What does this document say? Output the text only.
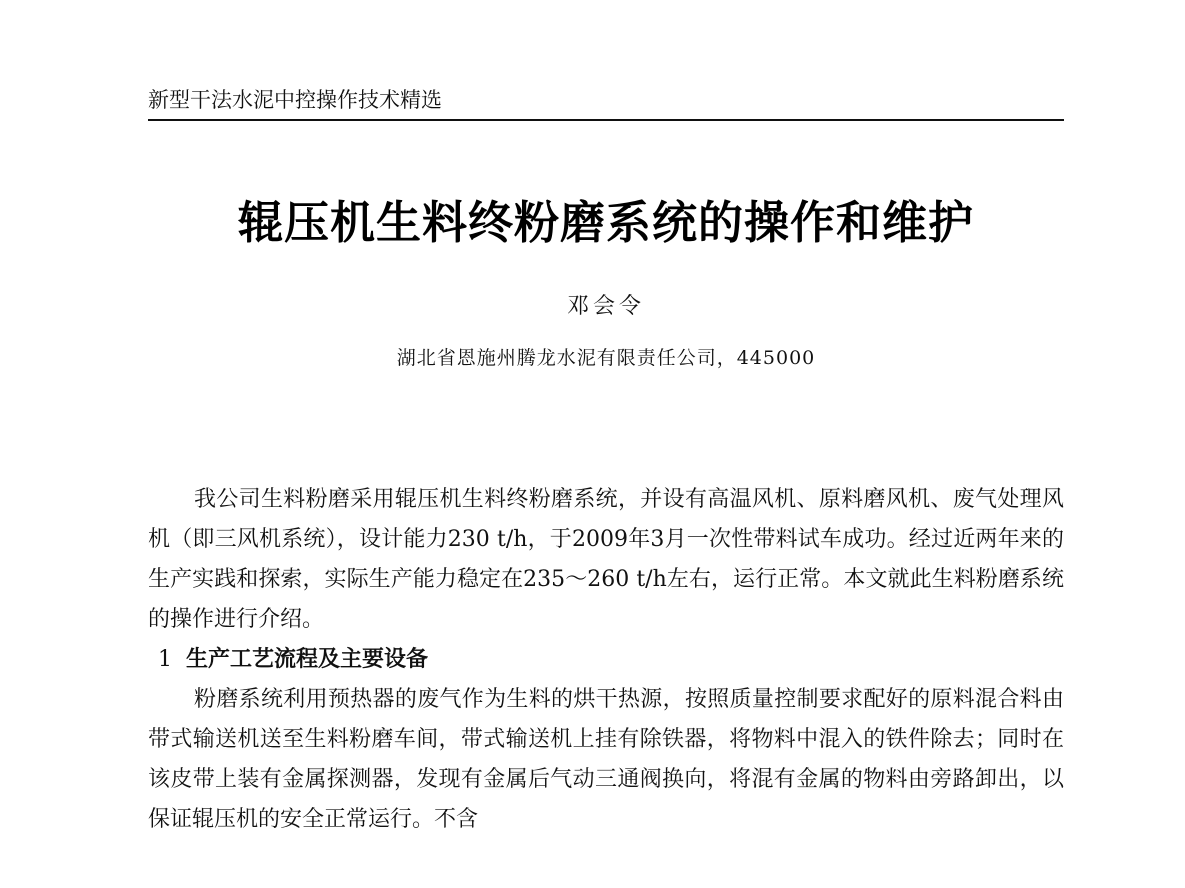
新型干法水泥中控操作技术精选
辊压机生料终粉磨系统的操作和维护
邓会令
湖北省恩施州腾龙水泥有限责任公司，445000

我公司生料粉磨采用辊压机生料终粉磨系统，并设有高温风机、原料磨风机、废气处理风机（即三风机系统），设计能力230 t/h，于2009年3月一次性带料试车成功。经过近两年来的生产实践和探索，实际生产能力稳定在235～260 t/h左右，运行正常。本文就此生料粉磨系统的操作进行介绍。

1 生产工艺流程及主要设备

粉磨系统利用预热器的废气作为生料的烘干热源，按照质量控制要求配好的原料混合料由带式输送机送至生料粉磨车间，带式输送机上挂有除铁器，将物料中混入的铁件除去；同时在该皮带上装有金属探测器，发现有金属后气动三通阀换向，将混有金属的物料由旁路卸出，以保证辊压机的安全正常运行。不含
